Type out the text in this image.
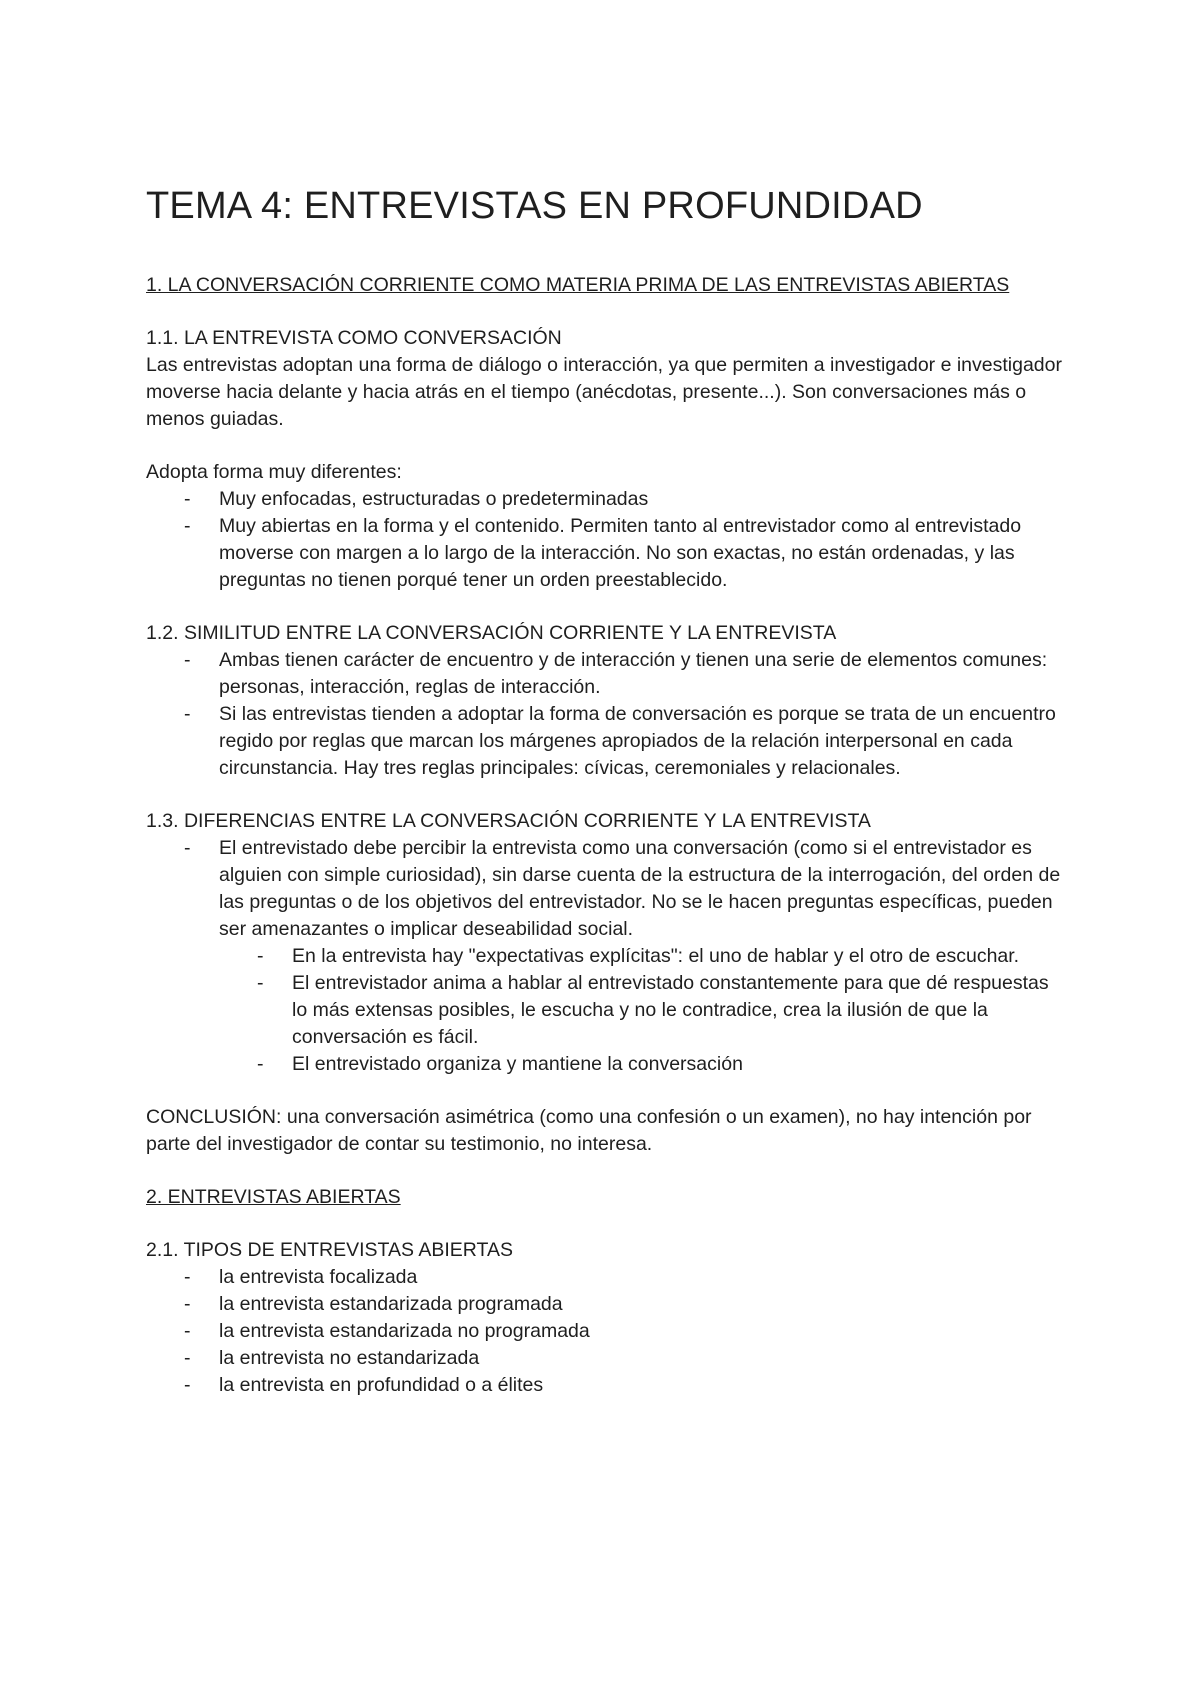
TEMA 4: ENTREVISTAS EN PROFUNDIDAD

1. LA CONVERSACIÓN CORRIENTE COMO MATERIA PRIMA DE LAS ENTREVISTAS ABIERTAS

1.1. LA ENTREVISTA COMO CONVERSACIÓN

Las entrevistas adoptan una forma de diálogo o interacción, ya que permiten a investigador e investigador moverse hacia delante y hacia atrás en el tiempo (anécdotas, presente...). Son conversaciones más o menos guiadas.

Adopta forma muy diferentes:

- Muy enfocadas, estructuradas o predeterminadas
- Muy abiertas en la forma y el contenido. Permiten tanto al entrevistador como al entrevistado moverse con margen a lo largo de la interacción. No son exactas, no están ordenadas, y las preguntas no tienen porqué tener un orden preestablecido.

1.2. SIMILITUD ENTRE LA CONVERSACIÓN CORRIENTE Y LA ENTREVISTA

- Ambas tienen carácter de encuentro y de interacción y tienen una serie de elementos comunes: personas, interacción, reglas de interacción.
- Si las entrevistas tienden a adoptar la forma de conversación es porque se trata de un encuentro regido por reglas que marcan los márgenes apropiados de la relación interpersonal en cada circunstancia. Hay tres reglas principales: cívicas, ceremoniales y relacionales.

1.3. DIFERENCIAS ENTRE LA CONVERSACIÓN CORRIENTE Y LA ENTREVISTA

- El entrevistado debe percibir la entrevista como una conversación (como si el entrevistador es alguien con simple curiosidad), sin darse cuenta de la estructura de la interrogación, del orden de las preguntas o de los objetivos del entrevistador. No se le hacen preguntas específicas, pueden ser amenazantes o implicar deseabilidad social.
- En la entrevista hay "expectativas explícitas": el uno de hablar y el otro de escuchar.
- El entrevistador anima a hablar al entrevistado constantemente para que dé respuestas lo más extensas posibles, le escucha y no le contradice, crea la ilusión de que la conversación es fácil.
- El entrevistado organiza y mantiene la conversación

CONCLUSIÓN: una conversación asimétrica (como una confesión o un examen), no hay intención por parte del investigador de contar su testimonio, no interesa.

2. ENTREVISTAS ABIERTAS

2.1. TIPOS DE ENTREVISTAS ABIERTAS

- la entrevista focalizada
- la entrevista estandarizada programada
- la entrevista estandarizada no programada
- la entrevista no estandarizada
- la entrevista en profundidad o a élites
